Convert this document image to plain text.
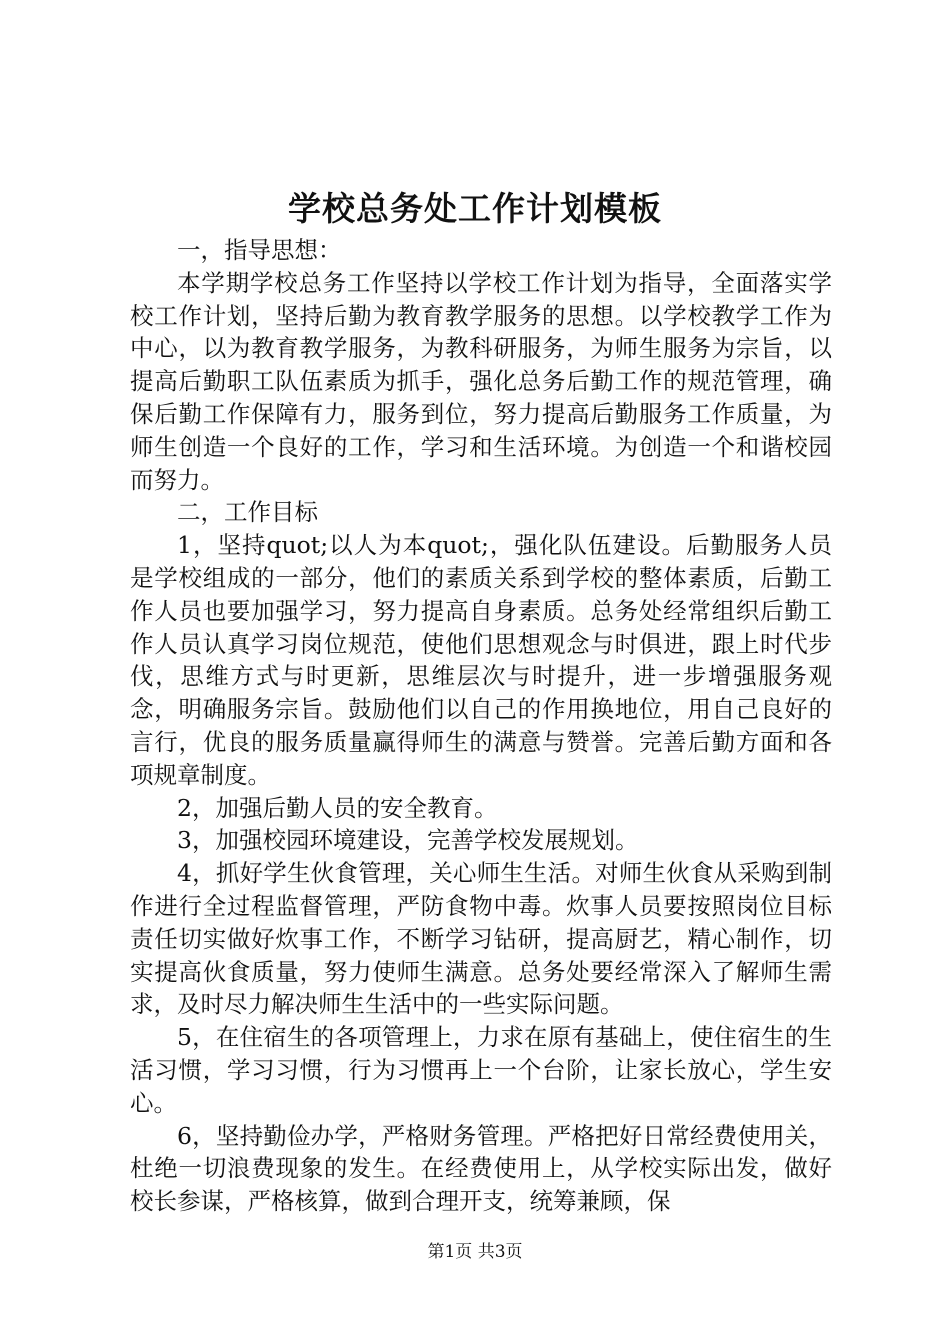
学校总务处工作计划模板

一，指导思想：

本学期学校总务工作坚持以学校工作计划为指导，全面落实学校工作计划，坚持后勤为教育教学服务的思想。以学校教学工作为中心，以为教育教学服务，为教科研服务，为师生服务为宗旨，以提高后勤职工队伍素质为抓手，强化总务后勤工作的规范管理，确保后勤工作保障有力，服务到位，努力提高后勤服务工作质量，为师生创造一个良好的工作，学习和生活环境。为创造一个和谐校园而努力。

二，工作目标

1，坚持quot;以人为本quot;，强化队伍建设。后勤服务人员是学校组成的一部分，他们的素质关系到学校的整体素质，后勤工作人员也要加强学习，努力提高自身素质。总务处经常组织后勤工作人员认真学习岗位规范，使他们思想观念与时俱进，跟上时代步伐，思维方式与时更新，思维层次与时提升，进一步增强服务观念，明确服务宗旨。鼓励他们以自己的作用换地位，用自己良好的言行，优良的服务质量赢得师生的满意与赞誉。完善后勤方面和各项规章制度。

2，加强后勤人员的安全教育。

3，加强校园环境建设，完善学校发展规划。

4，抓好学生伙食管理，关心师生生活。对师生伙食从采购到制作进行全过程监督管理，严防食物中毒。炊事人员要按照岗位目标责任切实做好炊事工作，不断学习钻研，提高厨艺，精心制作，切实提高伙食质量，努力使师生满意。总务处要经常深入了解师生需求，及时尽力解决师生生活中的一些实际问题。

5，在住宿生的各项管理上，力求在原有基础上，使住宿生的生活习惯，学习习惯，行为习惯再上一个台阶，让家长放心，学生安心。

6，坚持勤俭办学，严格财务管理。严格把好日常经费使用关，杜绝一切浪费现象的发生。在经费使用上，从学校实际出发，做好校长参谋，严格核算，做到合理开支，统筹兼顾，保

第1页 共3页
